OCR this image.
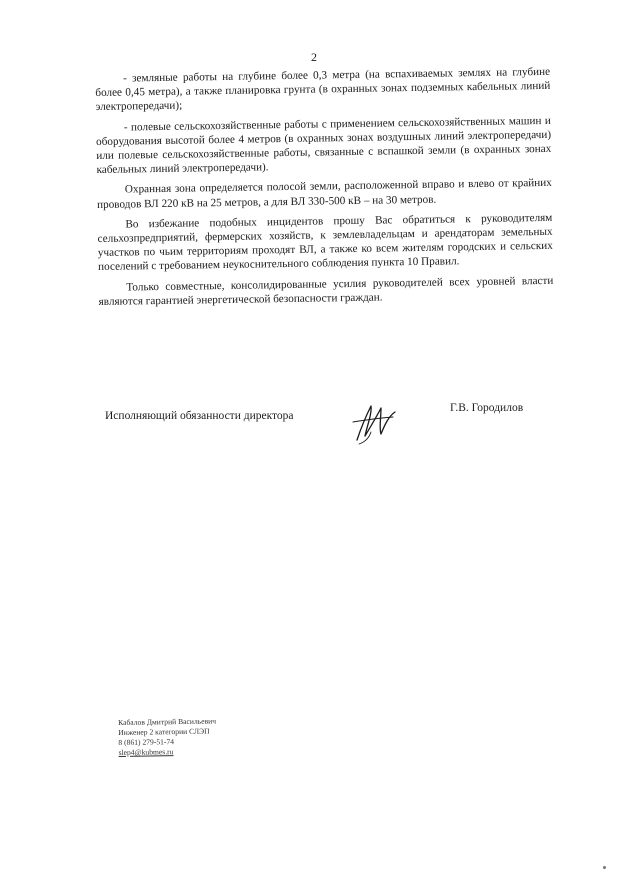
2

- земляные работы на глубине более 0,3 метра (на вспахиваемых землях на глубине более 0,45 метра), а также планировка грунта (в охранных зонах подземных кабельных линий электропередачи);

- полевые сельскохозяйственные работы с применением сельскохозяйственных машин и оборудования высотой более 4 метров (в охранных зонах воздушных линий электропередачи) или полевые сельскохозяйственные работы, связанные с вспашкой земли (в охранных зонах кабельных линий электропередачи).

Охранная зона определяется полосой земли, расположенной вправо и влево от крайних проводов ВЛ 220 кВ на 25 метров, а для ВЛ 330-500 кВ – на 30 метров.

Во избежание подобных инцидентов прошу Вас обратиться к руководителям сельхозпредприятий, фермерских хозяйств, к землевладельцам и арендаторам земельных участков по чьим территориям проходят ВЛ, а также ко всем жителям городских и сельских поселений с требованием неукоснительного соблюдения пункта 10 Правил.

Только совместные, консолидированные усилия руководителей всех уровней власти являются гарантией энергетической безопасности граждан.

Исполняющий обязанности директора
Г.В. Городилов
Кабалов Дмитрий Васильевич
Инженер 2 категории СЛЭП
8 (861) 279-51-74
slep4@kubmes.ru
